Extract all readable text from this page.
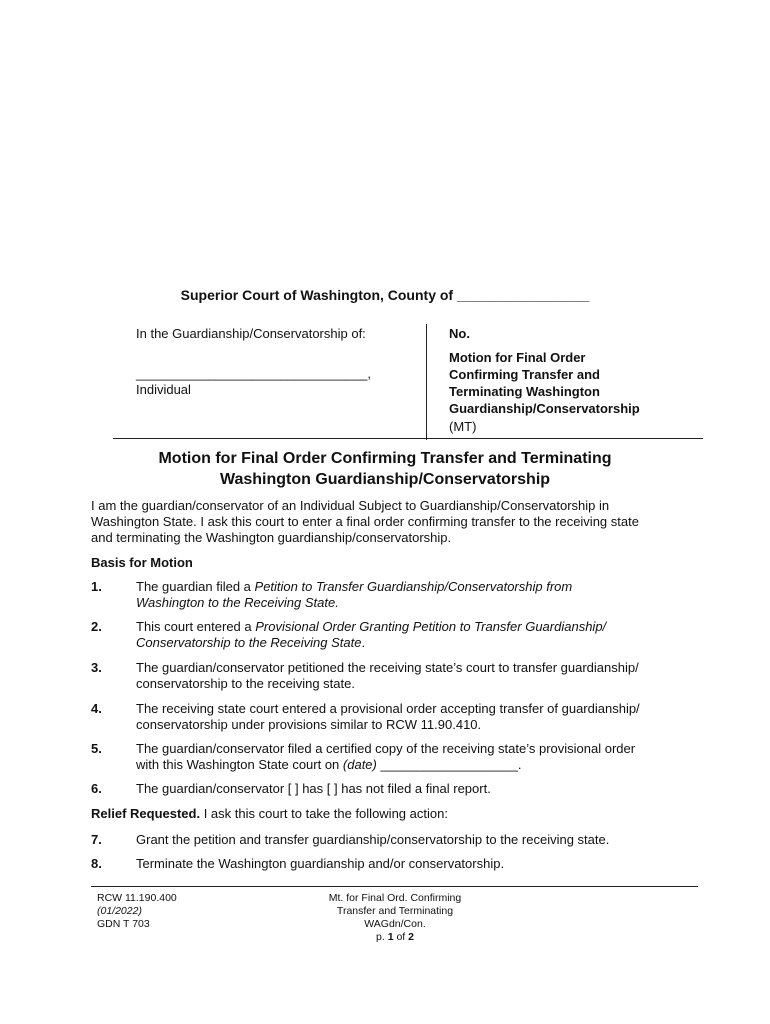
Superior Court of Washington, County of _________________
In the Guardianship/Conservatorship of:
________________________________,
Individual
No.
Motion for Final Order
Confirming Transfer and
Terminating Washington
Guardianship/Conservatorship
(MT)
Motion for Final Order Confirming Transfer and Terminating
Washington Guardianship/Conservatorship
I am the guardian/conservator of an Individual Subject to Guardianship/Conservatorship in
Washington State. I ask this court to enter a final order confirming transfer to the receiving state
and terminating the Washington guardianship/conservatorship.
Basis for Motion
1.	The guardian filed a Petition to Transfer Guardianship/Conservatorship from
Washington to the Receiving State.
2.	This court entered a Provisional Order Granting Petition to Transfer Guardianship/
Conservatorship to the Receiving State.
3.	The guardian/conservator petitioned the receiving state’s court to transfer guardianship/
conservatorship to the receiving state.
4.	The receiving state court entered a provisional order accepting transfer of guardianship/
conservatorship under provisions similar to RCW 11.90.410.
5.	The guardian/conservator filed a certified copy of the receiving state’s provisional order
with this Washington State court on (date) ___________________.
6.	The guardian/conservator [ ] has [ ] has not filed a final report.
Relief Requested. I ask this court to take the following action:
7.	Grant the petition and transfer guardianship/conservatorship to the receiving state.
8.	Terminate the Washington guardianship and/or conservatorship.
RCW 11.190.400
(01/2022)
GDN T 703
Mt. for Final Ord. Confirming
Transfer and Terminating
WAGdn/Con.
p. 1 of 2
